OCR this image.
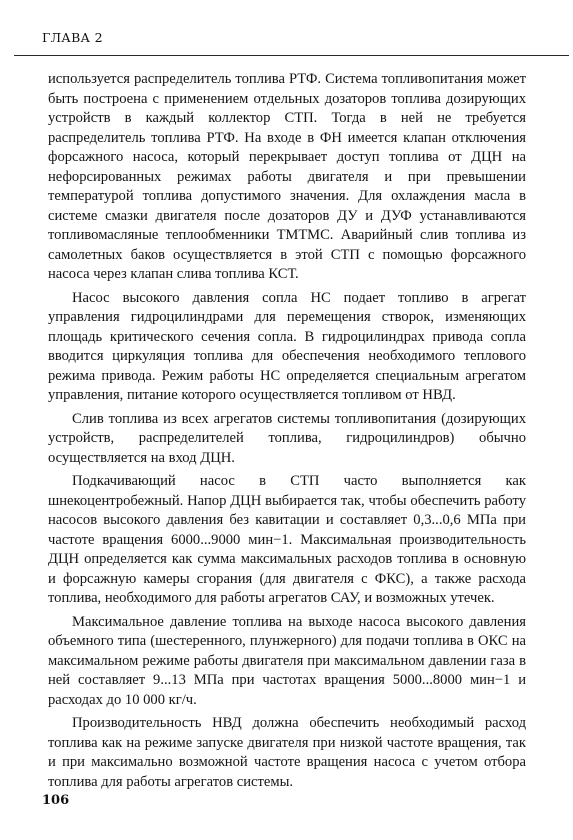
ГЛАВА 2

используется распределитель топлива РТФ. Система топливопитания может быть построена с применением отдельных дозаторов топлива дозирующих устройств в каждый коллектор СТП. Тогда в ней не требуется распределитель топлива РТФ. На входе в ФН имеется клапан отключения форсажного насоса, который перекрывает доступ топлива от ДЦН на нефорсированных режимах работы двигателя и при превышении температурой топлива допустимого значения. Для охлаждения масла в системе смазки двигателя после дозаторов ДУ и ДУФ устанавливаются топливомасляные теплообменники ТМТМС. Аварийный слив топлива из самолетных баков осуществляется в этой СТП с помощью форсажного насоса через клапан слива топлива КСТ.

Насос высокого давления сопла НС подает топливо в агрегат управления гидроцилиндрами для перемещения створок, изменяющих площадь критического сечения сопла. В гидроцилиндрах привода сопла вводится циркуляция топлива для обеспечения необходимого теплового режима привода. Режим работы НС определяется специальным агрегатом управления, питание которого осуществляется топливом от НВД.

Слив топлива из всех агрегатов системы топливопитания (дозирующих устройств, распределителей топлива, гидроцилиндров) обычно осуществляется на вход ДЦН.

Подкачивающий насос в СТП часто выполняется как шнекоцентробежный. Напор ДЦН выбирается так, чтобы обеспечить работу насосов высокого давления без кавитации и составляет 0,3...0,6 МПа при частоте вращения 6000...9000 мин−1. Максимальная производительность ДЦН определяется как сумма максимальных расходов топлива в основную и форсажную камеры сгорания (для двигателя с ФКС), а также расхода топлива, необходимого для работы агрегатов САУ, и возможных утечек.

Максимальное давление топлива на выходе насоса высокого давления объемного типа (шестеренного, плунжерного) для подачи топлива в ОКС на максимальном режиме работы двигателя при максимальном давлении газа в ней составляет 9...13 МПа при частотах вращения 5000...8000 мин−1 и расходах до 10 000 кг/ч.

Производительность НВД должна обеспечить необходимый расход топлива как на режиме запуске двигателя при низкой частоте вращения, так и при максимально возможной частоте вращения насоса с учетом отбора топлива для работы агрегатов системы.

106
